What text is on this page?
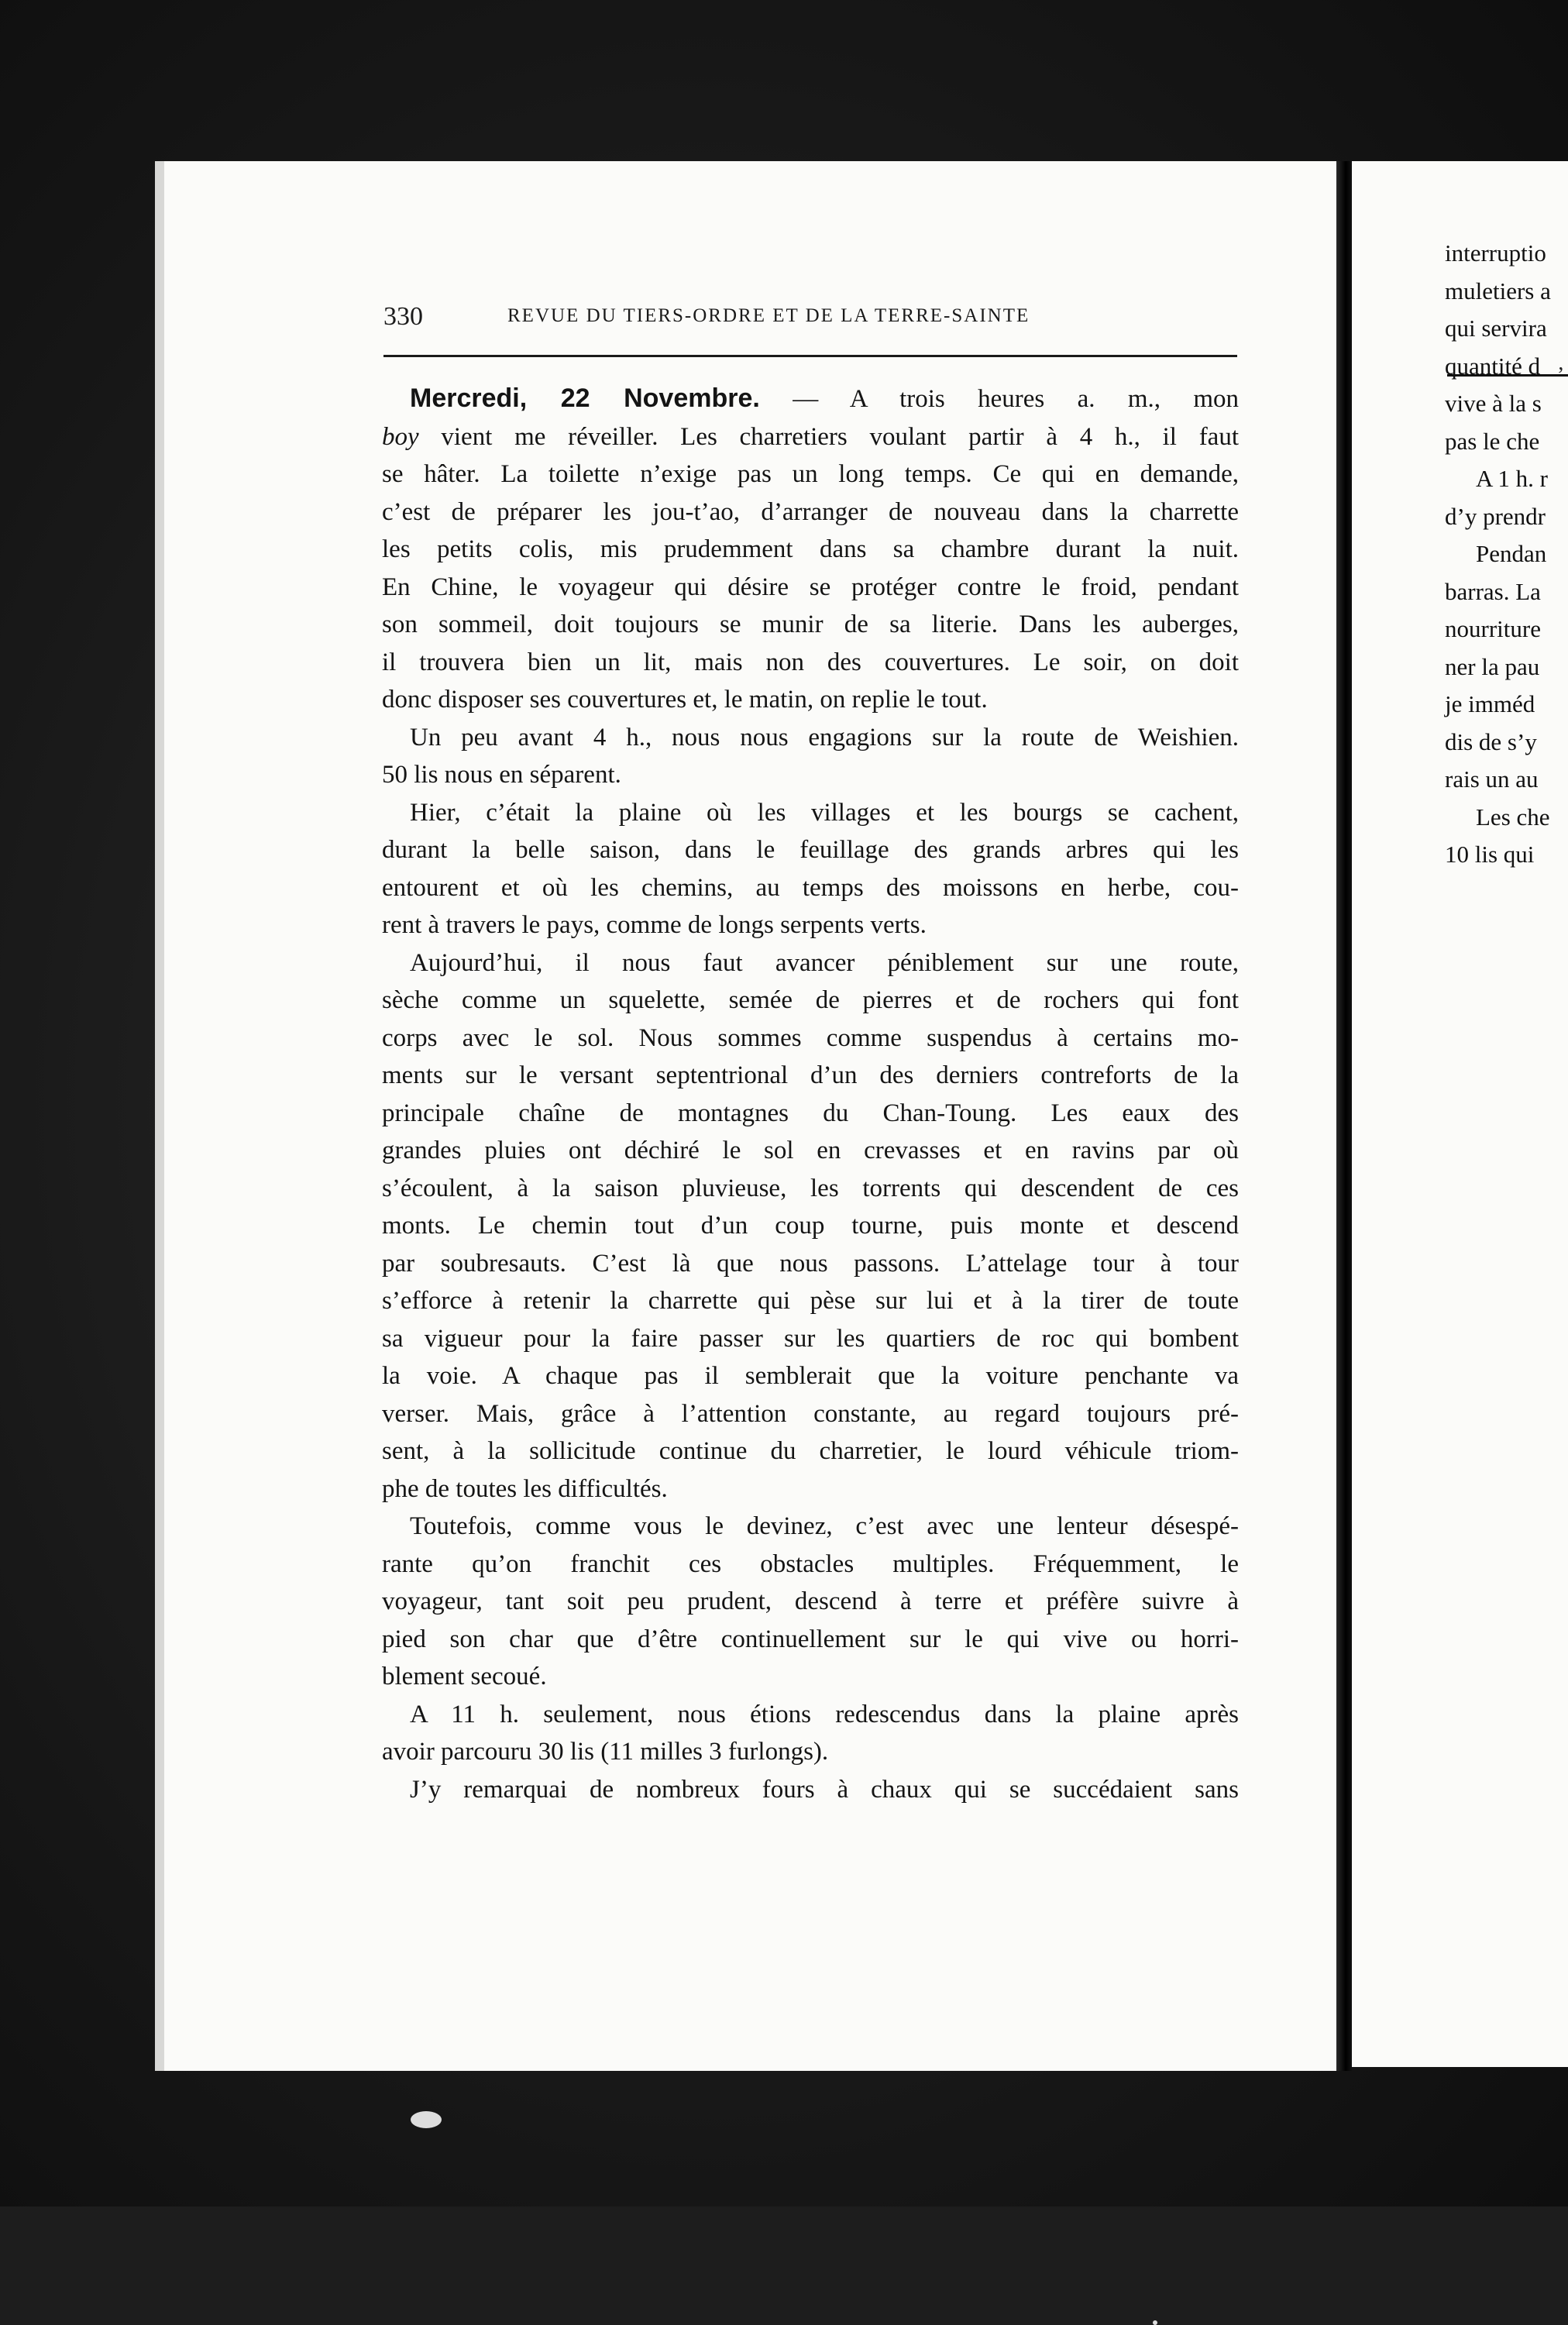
‚
interruptio
muletiers a
qui servira
quantité d
vive à la s
pas le che
A 1 h. r
d’y prendr
Pendan
barras. La
nourriture
ner la pau
je imméd
dis de s’y
rais un au
Les che
10 lis qui
330	REVUE DU TIERS-ORDRE ET DE LA TERRE-SAINTE
Mercredi, 22 Novembre. — A trois heures a. m., mon
boy vient me réveiller. Les charretiers voulant partir à 4 h., il faut
se hâter. La toilette n’exige pas un long temps. Ce qui en demande,
c’est de préparer les jou-t’ao, d’arranger de nouveau dans la charrette
les petits colis, mis prudemment dans sa chambre durant la nuit.
En Chine, le voyageur qui désire se protéger contre le froid, pendant
son sommeil, doit toujours se munir de sa literie. Dans les auberges,
il trouvera bien un lit, mais non des couvertures. Le soir, on doit
donc disposer ses couvertures et, le matin, on replie le tout.
Un peu avant 4 h., nous nous engagions sur la route de Weishien.
50 lis nous en séparent.
Hier, c’était la plaine où les villages et les bourgs se cachent,
durant la belle saison, dans le feuillage des grands arbres qui les
entourent et où les chemins, au temps des moissons en herbe, cou-
rent à travers le pays, comme de longs serpents verts.
Aujourd’hui, il nous faut avancer péniblement sur une route,
sèche comme un squelette, semée de pierres et de rochers qui font
corps avec le sol. Nous sommes comme suspendus à certains mo-
ments sur le versant septentrional d’un des derniers contreforts de la
principale chaîne de montagnes du Chan-Toung. Les eaux des
grandes pluies ont déchiré le sol en crevasses et en ravins par où
s’écoulent, à la saison pluvieuse, les torrents qui descendent de ces
monts. Le chemin tout d’un coup tourne, puis monte et descend
par soubresauts. C’est là que nous passons. L’attelage tour à tour
s’efforce à retenir la charrette qui pèse sur lui et à la tirer de toute
sa vigueur pour la faire passer sur les quartiers de roc qui bombent
la voie. A chaque pas il semblerait que la voiture penchante va
verser. Mais, grâce à l’attention constante, au regard toujours pré-
sent, à la sollicitude continue du charretier, le lourd véhicule triom-
phe de toutes les difficultés.
Toutefois, comme vous le devinez, c’est avec une lenteur désespé-
rante qu’on franchit ces obstacles multiples. Fréquemment, le
voyageur, tant soit peu prudent, descend à terre et préfère suivre à
pied son char que d’être continuellement sur le qui vive ou horri-
blement secoué.
A 11 h. seulement, nous étions redescendus dans la plaine après
avoir parcouru 30 lis (11 milles 3 furlongs).
J’y remarquai de nombreux fours à chaux qui se succédaient sans
